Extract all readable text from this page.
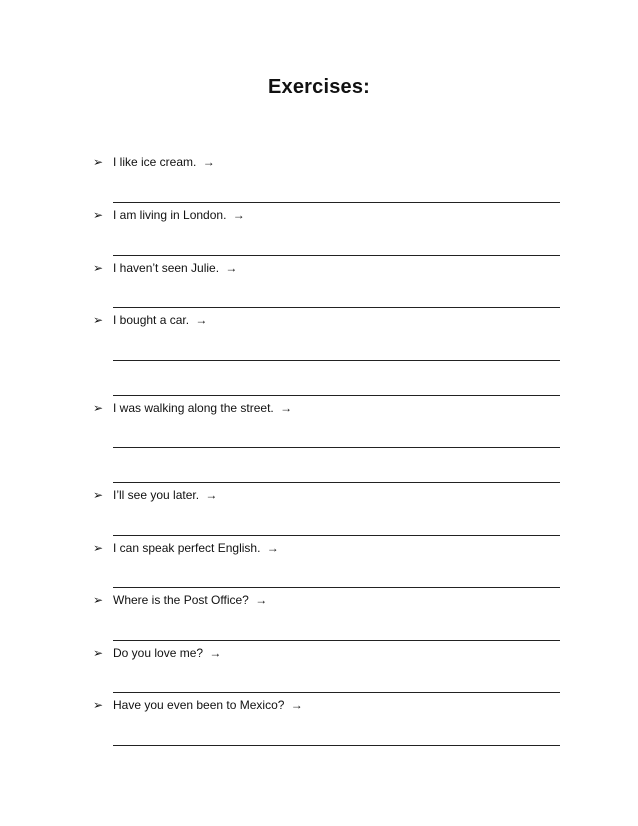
Exercises:
➢ I like ice cream. →
➢ I am living in London. →
➢ I haven’t seen Julie. →
➢ I bought a car. →
➢ I was walking along the street. →
➢ I’ll see you later. →
➢ I can speak perfect English. →
➢ Where is the Post Office? →
➢ Do you love me? →
➢ Have you even been to Mexico? →
